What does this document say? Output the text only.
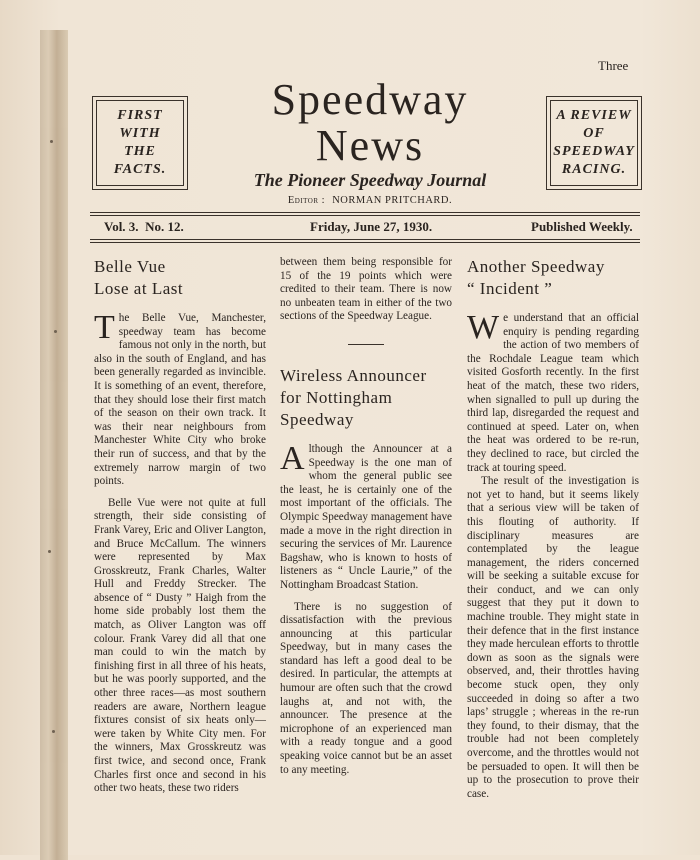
Three
FIRST
WITH
THE
FACTS.
Speedway
News
A REVIEW
OF
SPEEDWAY
RACING.
The Pioneer Speedway Journal
Editor : NORMAN PRITCHARD.
Vol. 3. No. 12.	Friday, June 27, 1930.	Published Weekly.
Belle Vue
Lose at Last

The Belle Vue, Manchester, speedway team has become famous not only in the north, but also in the south of England, and has been generally regarded as invincible. It is something of an event, therefore, that they should lose their first match of the season on their own track. It was their near neighbours from Manchester White City who broke their run of success, and that by the extremely narrow margin of two points.

Belle Vue were not quite at full strength, their side consisting of Frank Varey, Eric and Oliver Langton, and Bruce McCallum. The winners were represented by Max Grosskreutz, Frank Charles, Walter Hull and Freddy Strecker. The absence of “ Dusty ” Haigh from the home side probably lost them the match, as Oliver Langton was off colour. Frank Varey did all that one man could to win the match by finishing first in all three of his heats, but he was poorly supported, and the other three races—as most southern readers are aware, Northern league fixtures consist of six heats only—were taken by White City men. For the winners, Max Grosskreutz was first twice, and second once, Frank Charles first once and second in his other two heats, these two riders

between them being responsible for 15 of the 19 points which were credited to their team. There is now no unbeaten team in either of the two sections of the Speedway League.

Wireless Announcer
for Nottingham
Speedway

Although the Announcer at a Speedway is the one man of whom the general public see the least, he is certainly one of the most important of the officials. The Olympic Speedway management have made a move in the right direction in securing the services of Mr. Laurence Bagshaw, who is known to hosts of listeners as “ Uncle Laurie,” of the Nottingham Broadcast Station.

There is no suggestion of dissatisfaction with the previous announcing at this particular Speedway, but in many cases the standard has left a good deal to be desired. In particular, the attempts at humour are often such that the crowd laughs at, and not with, the announcer. The presence at the microphone of an experienced man with a ready tongue and a good speaking voice cannot but be an asset to any meeting.

Another Speedway
“ Incident ”

We understand that an official enquiry is pending regarding the action of two members of the Rochdale League team which visited Gosforth recently. In the first heat of the match, these two riders, when signalled to pull up during the third lap, disregarded the request and continued at speed. Later on, when the heat was ordered to be re-run, they declined to race, but circled the track at touring speed.

The result of the investigation is not yet to hand, but it seems likely that a serious view will be taken of this flouting of authority. If disciplinary measures are contemplated by the league management, the riders concerned will be seeking a suitable excuse for their conduct, and we can only suggest that they put it down to machine trouble. They might state in their defence that in the first instance they made herculean efforts to throttle down as soon as the signals were observed, and, their throttles having become stuck open, they only succeeded in doing so after a two laps’ struggle ; whereas in the re-run they found, to their dismay, that the trouble had not been completely overcome, and the throttles would not be persuaded to open. It will then be up to the prosecution to prove their case.
